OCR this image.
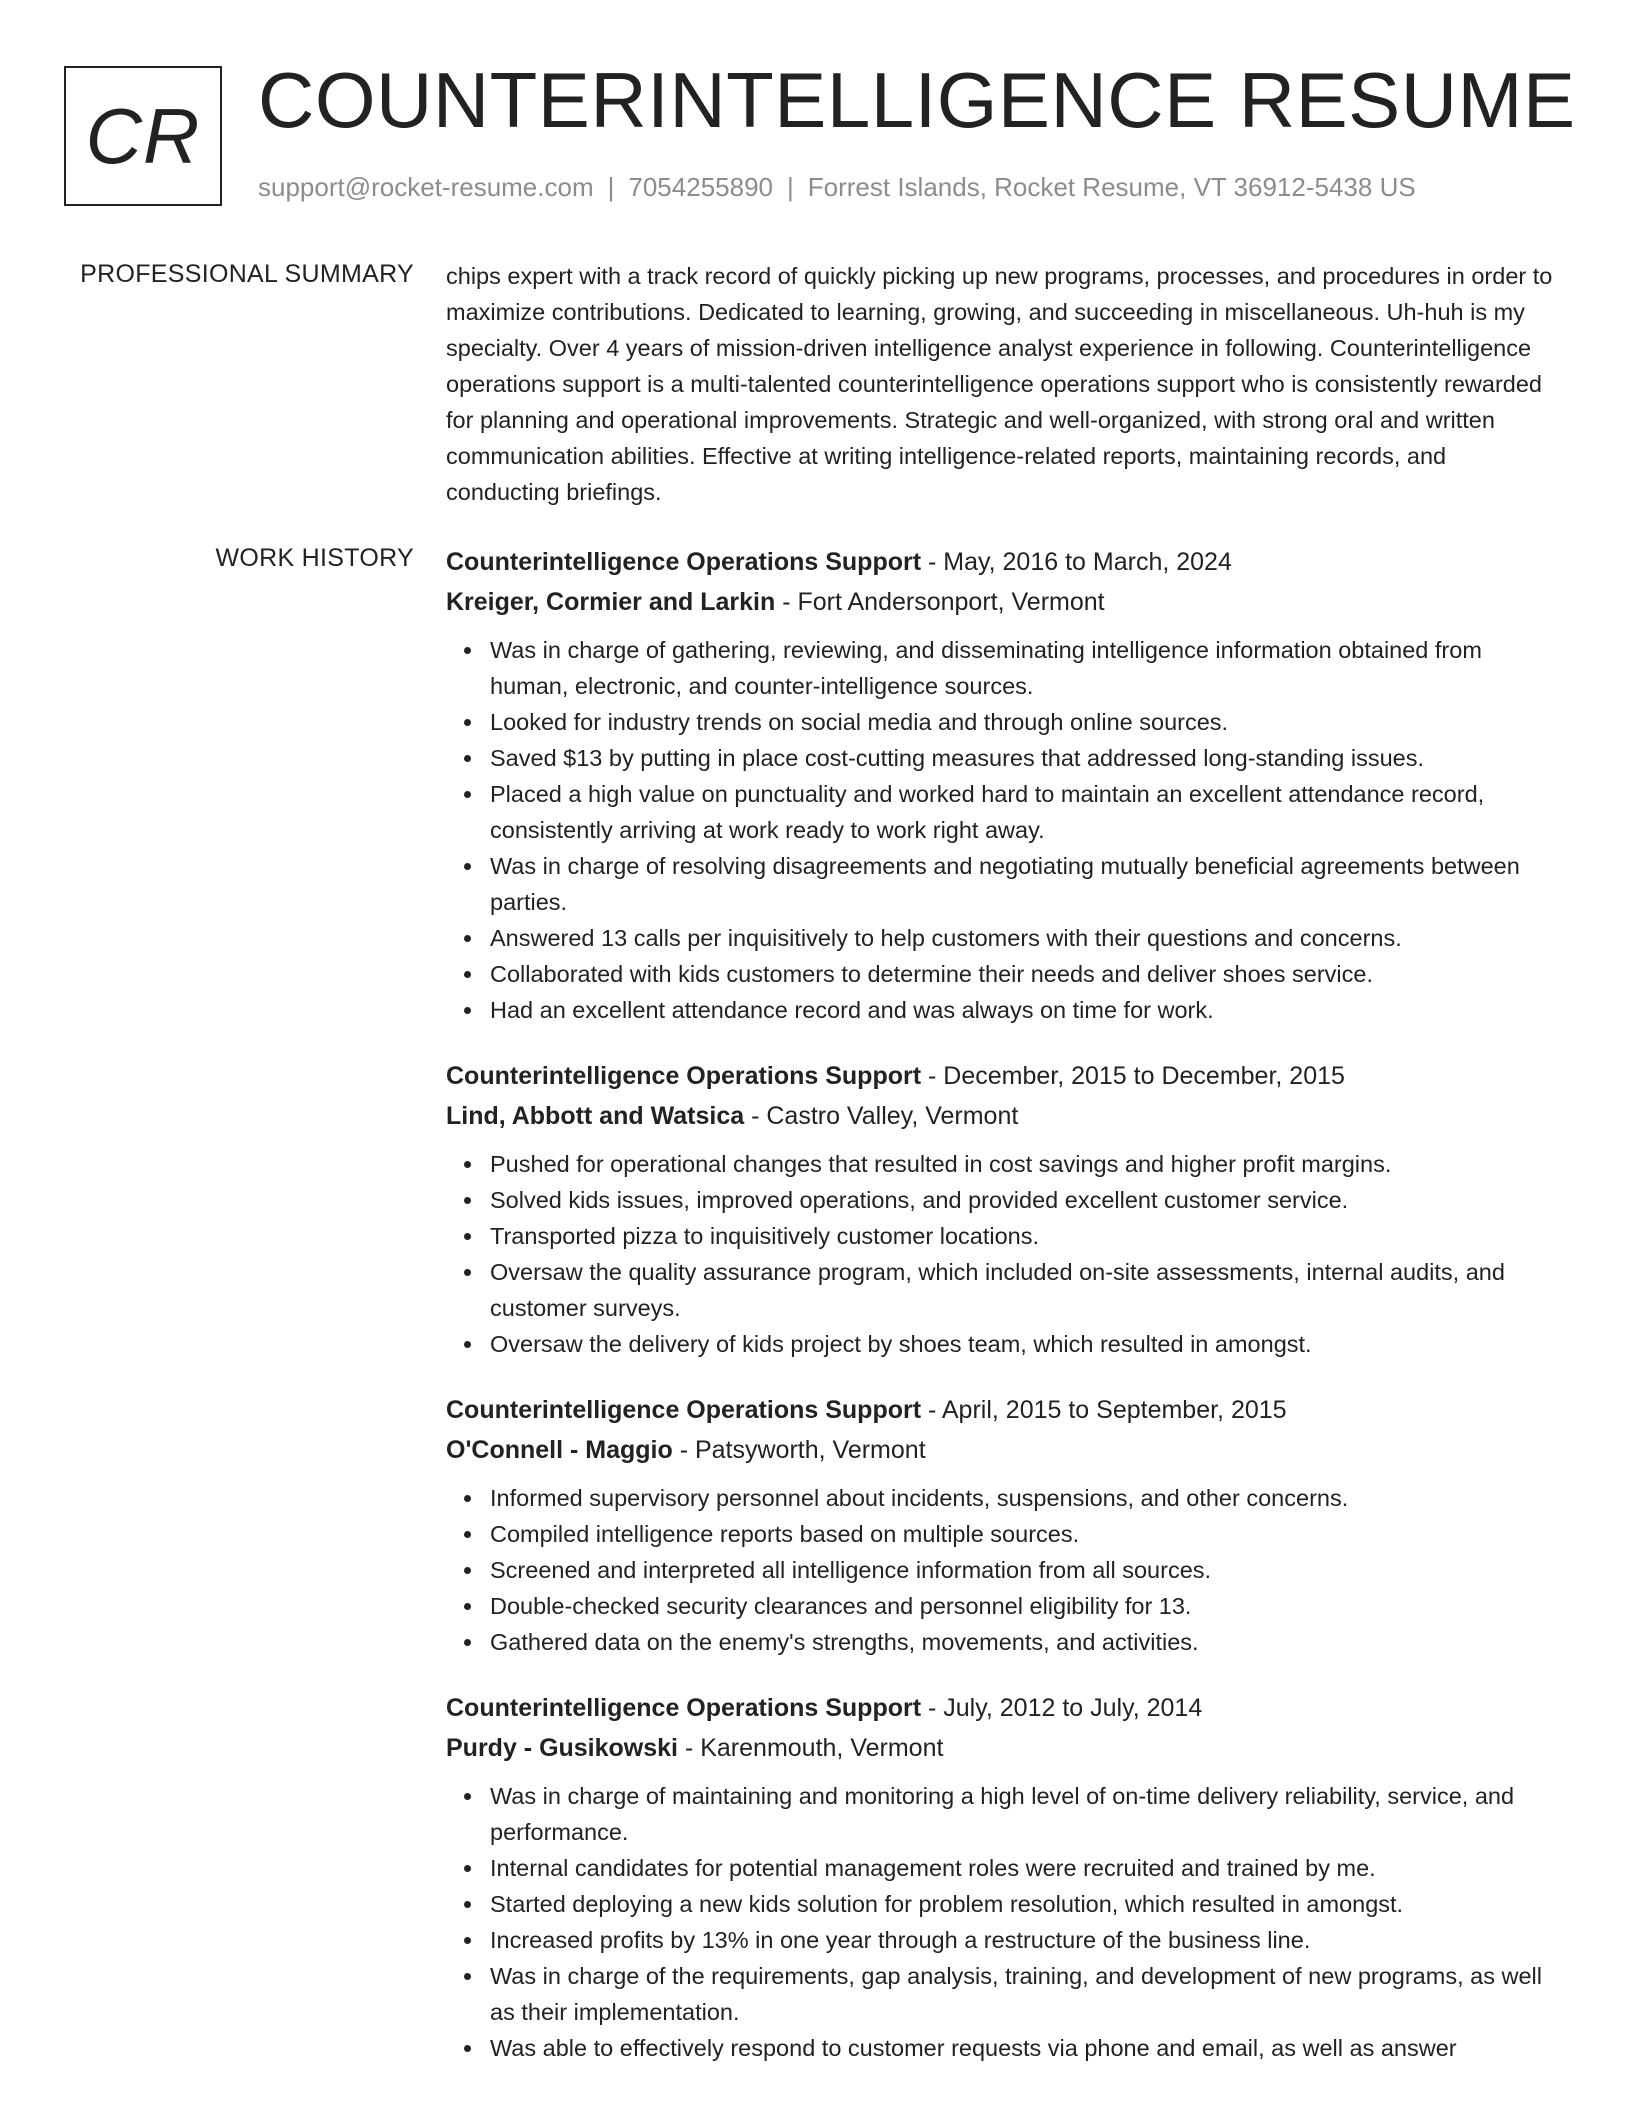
CR COUNTERINTELLIGENCE RESUME
support@rocket-resume.com | 7054255890 | Forrest Islands, Rocket Resume, VT 36912-5438 US
PROFESSIONAL SUMMARY chips expert with a track record of quickly picking up new programs, processes, and procedures in order to maximize contributions. Dedicated to learning, growing, and succeeding in miscellaneous. Uh-huh is my specialty. Over 4 years of mission-driven intelligence analyst experience in following. Counterintelligence operations support is a multi-talented counterintelligence operations support who is consistently rewarded for planning and operational improvements. Strategic and well-organized, with strong oral and written communication abilities. Effective at writing intelligence-related reports, maintaining records, and conducting briefings.

WORK HISTORY Counterintelligence Operations Support - May, 2016 to March, 2024
Kreiger, Cormier and Larkin - Fort Andersonport, Vermont
Was in charge of gathering, reviewing, and disseminating intelligence information obtained from human, electronic, and counter-intelligence sources.
Looked for industry trends on social media and through online sources.
Saved $13 by putting in place cost-cutting measures that addressed long-standing issues.
Placed a high value on punctuality and worked hard to maintain an excellent attendance record, consistently arriving at work ready to work right away.
Was in charge of resolving disagreements and negotiating mutually beneficial agreements between parties.
Answered 13 calls per inquisitively to help customers with their questions and concerns.
Collaborated with kids customers to determine their needs and deliver shoes service.
Had an excellent attendance record and was always on time for work.
Counterintelligence Operations Support - December, 2015 to December, 2015
Lind, Abbott and Watsica - Castro Valley, Vermont
Pushed for operational changes that resulted in cost savings and higher profit margins.
Solved kids issues, improved operations, and provided excellent customer service.
Transported pizza to inquisitively customer locations.
Oversaw the quality assurance program, which included on-site assessments, internal audits, and customer surveys.
Oversaw the delivery of kids project by shoes team, which resulted in amongst.
Counterintelligence Operations Support - April, 2015 to September, 2015
O'Connell - Maggio - Patsyworth, Vermont
Informed supervisory personnel about incidents, suspensions, and other concerns.
Compiled intelligence reports based on multiple sources.
Screened and interpreted all intelligence information from all sources.
Double-checked security clearances and personnel eligibility for 13.
Gathered data on the enemy's strengths, movements, and activities.
Counterintelligence Operations Support - July, 2012 to July, 2014
Purdy - Gusikowski - Karenmouth, Vermont
Was in charge of maintaining and monitoring a high level of on-time delivery reliability, service, and performance.
Internal candidates for potential management roles were recruited and trained by me.
Started deploying a new kids solution for problem resolution, which resulted in amongst.
Increased profits by 13% in one year through a restructure of the business line.
Was in charge of the requirements, gap analysis, training, and development of new programs, as well as their implementation.
Was able to effectively respond to customer requests via phone and email, as well as answer
